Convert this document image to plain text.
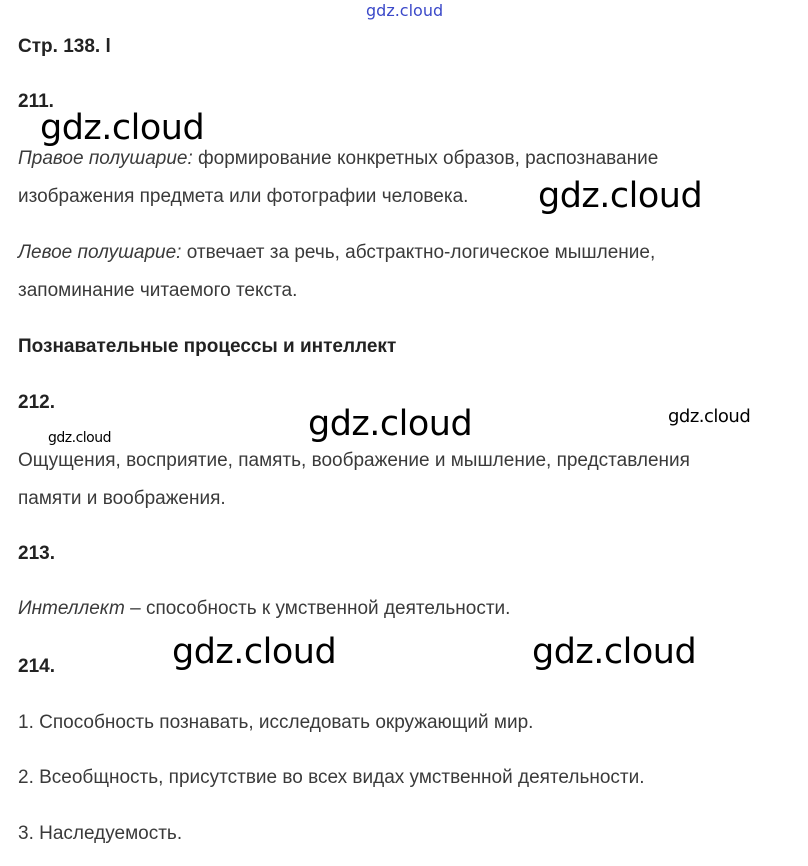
gdz.cloud
Стр. 138. l
211.
gdz.cloud
Правое полушарие: формирование конкретных образов, распознавание
изображения предмета или фотографии человека. gdz.cloud
Левое полушарие: отвечает за речь, абстрактно-логическое мышление,
запоминание читаемого текста.
Познавательные процессы и интеллект
212.
gdz.cloud	gdz.cloud
gdz.cloud
Ощущения, восприятие, память, воображение и мышление, представления
памяти и воображения.
213.
Интеллект – способность к умственной деятельности.
214.	gdz.cloud	gdz.cloud
1. Способность познавать, исследовать окружающий мир.
2. Всеобщность, присутствие во всех видах умственной деятельности.
3. Наследуемость.
